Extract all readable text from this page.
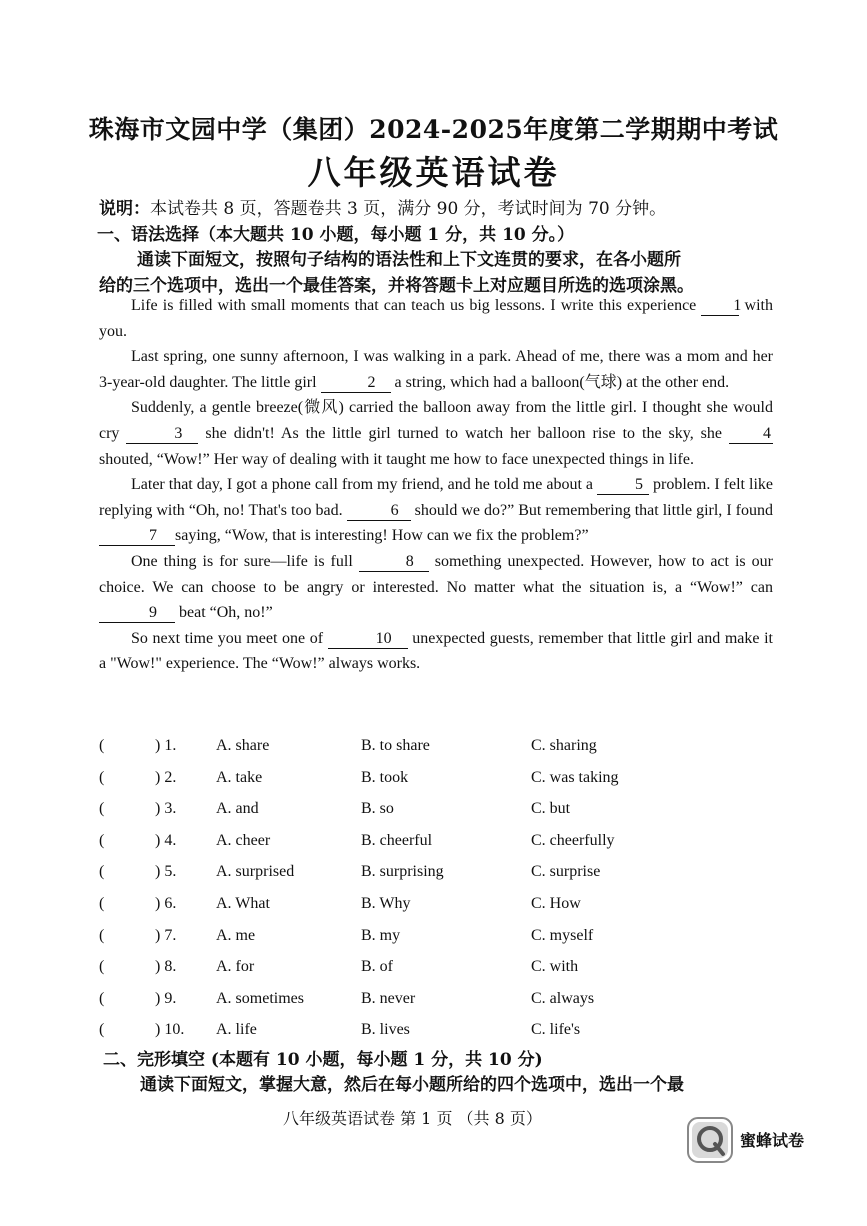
珠海市文园中学（集团）2024-2025年度第二学期期中考试
八年级英语试卷
说明：本试卷共 8 页，答题卷共 3 页，满分 90 分，考试时间为 70 分钟。
一、语法选择（本大题共 10 小题，每小题 1 分，共 10 分。）
通读下面短文，按照句子结构的语法性和上下文连贯的要求，在各小题所
给的三个选项中，选出一个最佳答案，并将答题卡上对应题目所选的选项涂黑。

Life is filled with small moments that can teach us big lessons. I write this experience 1 with you.

Last spring, one sunny afternoon, I was walking in a park. Ahead of me, there was a mom and her 3-year-old daughter. The little girl	2 a string, which had a balloon(气球) at the other end.

Suddenly, a gentle breeze(微风) carried the balloon away from the little girl. I thought she would cry	3 she didn't! As the little girl turned to watch her balloon rise to the sky, she 4 shouted, “Wow!” Her way of dealing with it taught me how to face unexpected things in life.

Later that day, I got a phone call from my friend, and he told me about a 5 problem. I felt like replying with “Oh, no! That's too bad.	6 should we do?” But remembering that little girl, I found 7 saying, “Wow, that is interesting! How can we fix the problem?”

One thing is for sure—life is full	8 something unexpected. However, how to act is our choice. We can choose to be angry or interested. No matter what the situation is, a “Wow!” can 9 beat “Oh, no!”

So next time you meet one of	10 unexpected guests, remember that little girl and make it a "Wow!" experience. The “Wow!” always works.

(	) 1. A. share	B. to share	C. sharing
(	) 2. A. take	B. took	C. was taking
(	) 3. A. and	B. so	C. but
(	) 4. A. cheer	B. cheerful	C. cheerfully
(	) 5. A. surprised	B. surprising	C. surprise
(	) 6. A. What	B. Why	C. How
(	) 7. A. me	B. my	C. myself
(	) 8. A. for	B. of	C. with
(	) 9. A. sometimes	B. never	C. always
(	) 10. A. life	B. lives	C. life's
二、完形填空 (本题有 10 小题，每小题 1 分，共 10 分)
通读下面短文，掌握大意，然后在每小题所给的四个选项中，选出一个最
八年级英语试卷 第 1 页 （共 8 页）
蜜蜂试卷
